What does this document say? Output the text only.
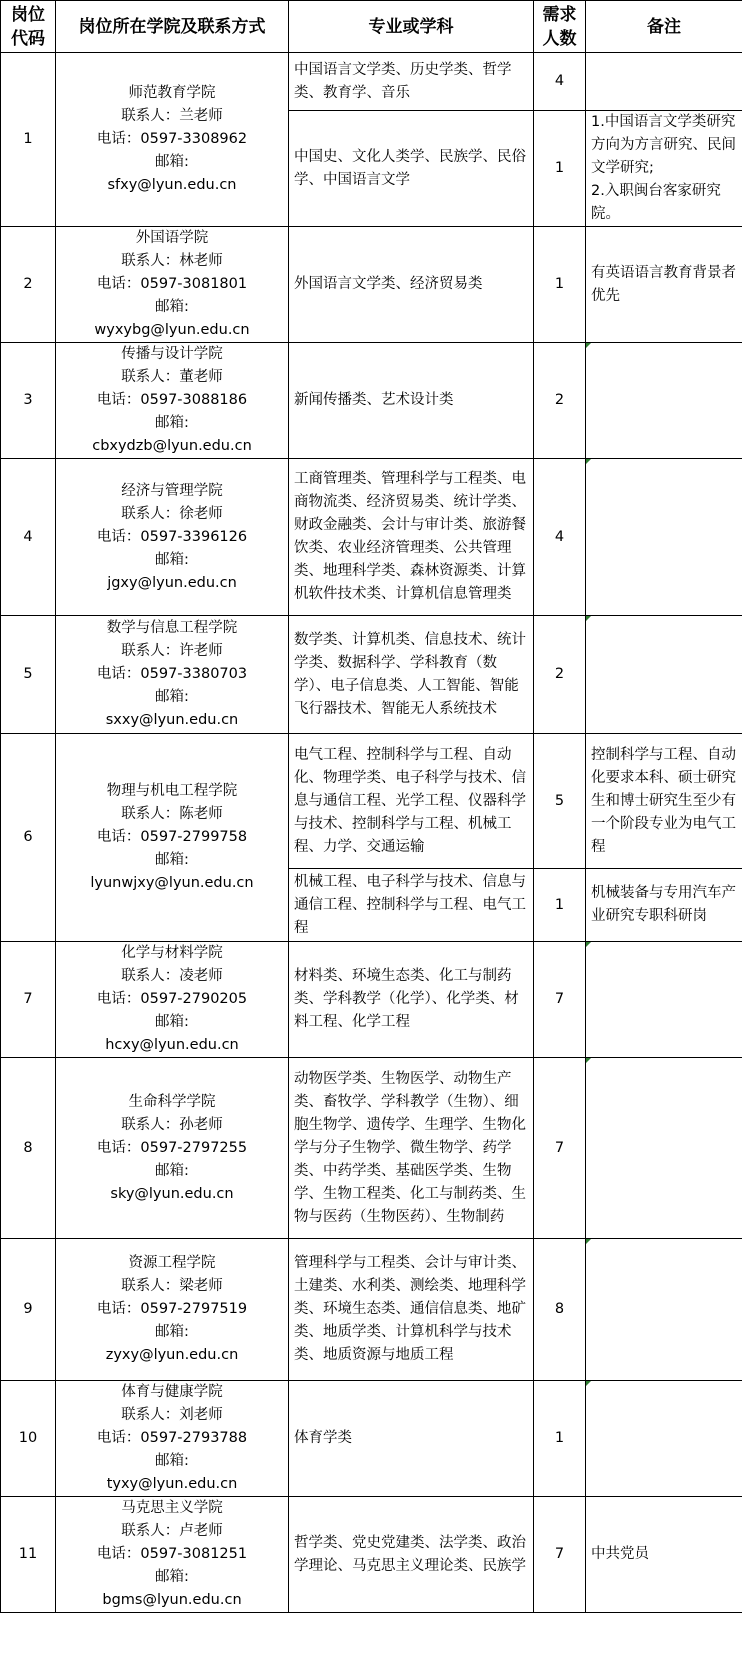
岗位代码	岗位所在学院及联系方式	专业或学科	需求人数	备注
1	师范教育学院
联系人：兰老师
电话：0597-3308962
邮箱:
sfxy@lyun.edu.cn	中国语言文学类、历史学类、哲学类、教育学、音乐	4	
		中国史、文化人类学、民族学、民俗学、中国语言文学	1	1.中国语言文学类研究方向为方言研究、民间文学研究;
2.入职闽台客家研究院。

2	外国语学院
联系人：林老师
电话：0597-3081801
邮箱:
wyxybg@lyun.edu.cn	外国语言文学类、经济贸易类	1	有英语语言教育背景者优先
3	传播与设计学院
联系人：董老师
电话：0597-3088186
邮箱:
cbxydzb@lyun.edu.cn	新闻传播类、艺术设计类	2	
4	经济与管理学院
联系人：徐老师
电话：0597-3396126
邮箱:
jgxy@lyun.edu.cn	工商管理类、管理科学与工程类、电商物流类、经济贸易类、统计学类、财政金融类、会计与审计类、旅游餐饮类、农业经济管理类、公共管理类、地理科学类、森林资源类、计算机软件技术类、计算机信息管理类	4	
5	数学与信息工程学院
联系人：许老师
电话：0597-3380703
邮箱:
sxxy@lyun.edu.cn	数学类、计算机类、信息技术、统计学类、数据科学、学科教育（数学）、电子信息类、人工智能、智能飞行器技术、智能无人系统技术	2	
6	物理与机电工程学院
联系人：陈老师
电话：0597-2799758
邮箱:
lyunwjxy@lyun.edu.cn	电气工程、控制科学与工程、自动化、物理学类、电子科学与技术、信息与通信工程、光学工程、仪器科学与技术、控制科学与工程、机械工程、力学、交通运输	5	控制科学与工程、自动化要求本科、硕士研究生和博士研究生至少有一个阶段专业为电气工程
		机械工程、电子科学与技术、信息与通信工程、控制科学与工程、电气工程	1	机械装备与专用汽车产业研究专职科研岗
7	化学与材料学院
联系人：凌老师
电话：0597-2790205
邮箱:
hcxy@lyun.edu.cn	材料类、环境生态类、化工与制药类、学科教学（化学）、化学类、材料工程、化学工程	7	
8	生命科学学院
联系人：孙老师
电话：0597-2797255
邮箱:
sky@lyun.edu.cn	动物医学类、生物医学、动物生产类、畜牧学、学科教学（生物）、细胞生物学、遗传学、生理学、生物化学与分子生物学、微生物学、药学类、中药学类、基础医学类、生物学、生物工程类、化工与制药类、生物与医药（生物医药）、生物制药	7	
9	资源工程学院
联系人：梁老师
电话：0597-2797519
邮箱:
zyxy@lyun.edu.cn	管理科学与工程类、会计与审计类、土建类、水利类、测绘类、地理科学类、环境生态类、通信信息类、地矿类、地质学类、计算机科学与技术类、地质资源与地质工程	8	
10	体育与健康学院
联系人：刘老师
电话：0597-2793788
邮箱:
tyxy@lyun.edu.cn	体育学类	1	
11	马克思主义学院
联系人：卢老师
电话：0597-3081251
邮箱:
bgms@lyun.edu.cn	哲学类、党史党建类、法学类、政治学理论、马克思主义理论类、民族学	7	中共党员
